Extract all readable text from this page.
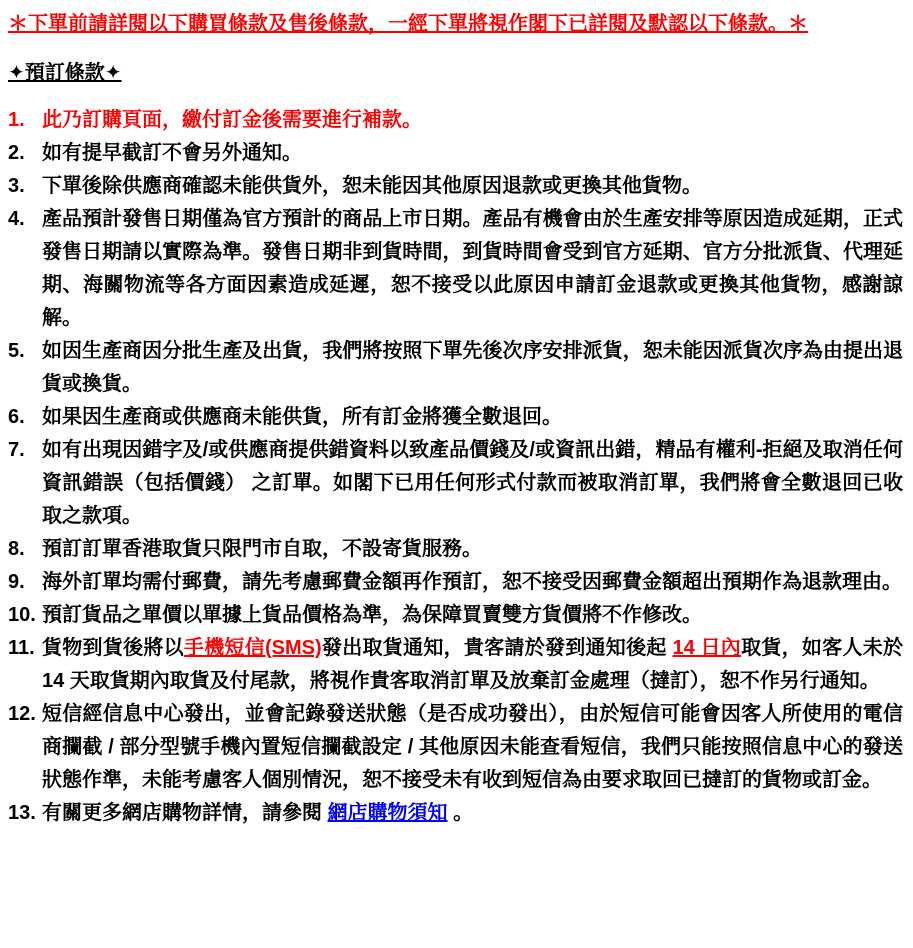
＊下單前請詳閱以下購買條款及售後條款，一經下單將視作閣下已詳閱及默認以下條款。＊
✦預訂條款✦
1. 此乃訂購頁面，繳付訂金後需要進行補款。
2. 如有提早截訂不會另外通知。
3. 下單後除供應商確認未能供貨外，恕未能因其他原因退款或更換其他貨物。
4. 產品預計發售日期僅為官方預計的商品上市日期。產品有機會由於生產安排等原因造成延期，正式發售日期請以實際為準。發售日期非到貨時間，到貨時間會受到官方延期、官方分批派貨、代理延期、海關物流等各方面因素造成延遲，恕不接受以此原因申請訂金退款或更換其他貨物，感謝諒解。
5. 如因生產商因分批生產及出貨，我們將按照下單先後次序安排派貨，恕未能因派貨次序為由提出退貨或換貨。
6. 如果因生產商或供應商未能供貨，所有訂金將獲全數退回。
7. 如有出現因錯字及/或供應商提供錯資料以致產品價錢及/或資訊出錯，精品有權利-拒絕及取消任何資訊錯誤（包括價錢） 之訂單。如閣下已用任何形式付款而被取消訂單，我們將會全數退回已收取之款項。
8. 預訂訂單香港取貨只限門市自取，不設寄貨服務。
9. 海外訂單均需付郵費，請先考慮郵費金額再作預訂，恕不接受因郵費金額超出預期作為退款理由。
10. 預訂貨品之單價以單據上貨品價格為準，為保障買賣雙方貨價將不作修改。
11. 貨物到貨後將以手機短信(SMS)發出取貨通知，貴客請於發到通知後起 14 日內取貨，如客人未於 14 天取貨期內取貨及付尾款，將視作貴客取消訂單及放棄訂金處理（撻訂），恕不作另行通知。
12. 短信經信息中心發出，並會記錄發送狀態（是否成功發出），由於短信可能會因客人所使用的電信商攔截 / 部分型號手機內置短信攔截設定 / 其他原因未能查看短信，我們只能按照信息中心的發送狀態作準，未能考慮客人個別情況，恕不接受未有收到短信為由要求取回已撻訂的貨物或訂金。
13. 有關更多網店購物詳情，請參閱 網店購物須知 。
